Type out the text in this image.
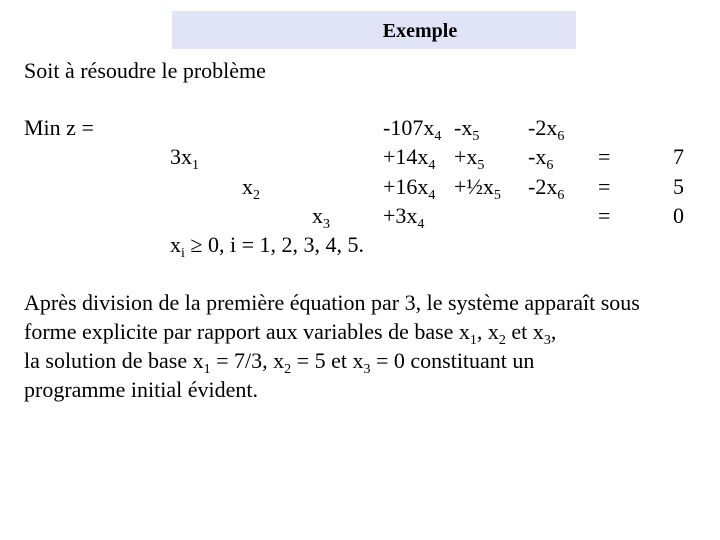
Exemple
Soit à résoudre le problème
Min z =	$-107x_4$ $-x_5$ $-2x_6$
$3x_1$	$+14x_4 +x_5$ $-x_6$ =	7
$x_2$	$+16x_4$ $+\frac{1}{2}x_5$ $-2x_6$ =	5
$x_3 +3x_4$	=	0
$x_i \ge 0$, i = 1, 2, 3, 4, 5.
Après division de la première équation par 3, le système apparaît sous
forme explicite par rapport aux variables de base $x_1$, $x_2$ et $x_3$,
la solution de base $x_1 = 7/3$, $x_2 = 5$ et $x_3 = 0$ constituant un
programme initial évident.
